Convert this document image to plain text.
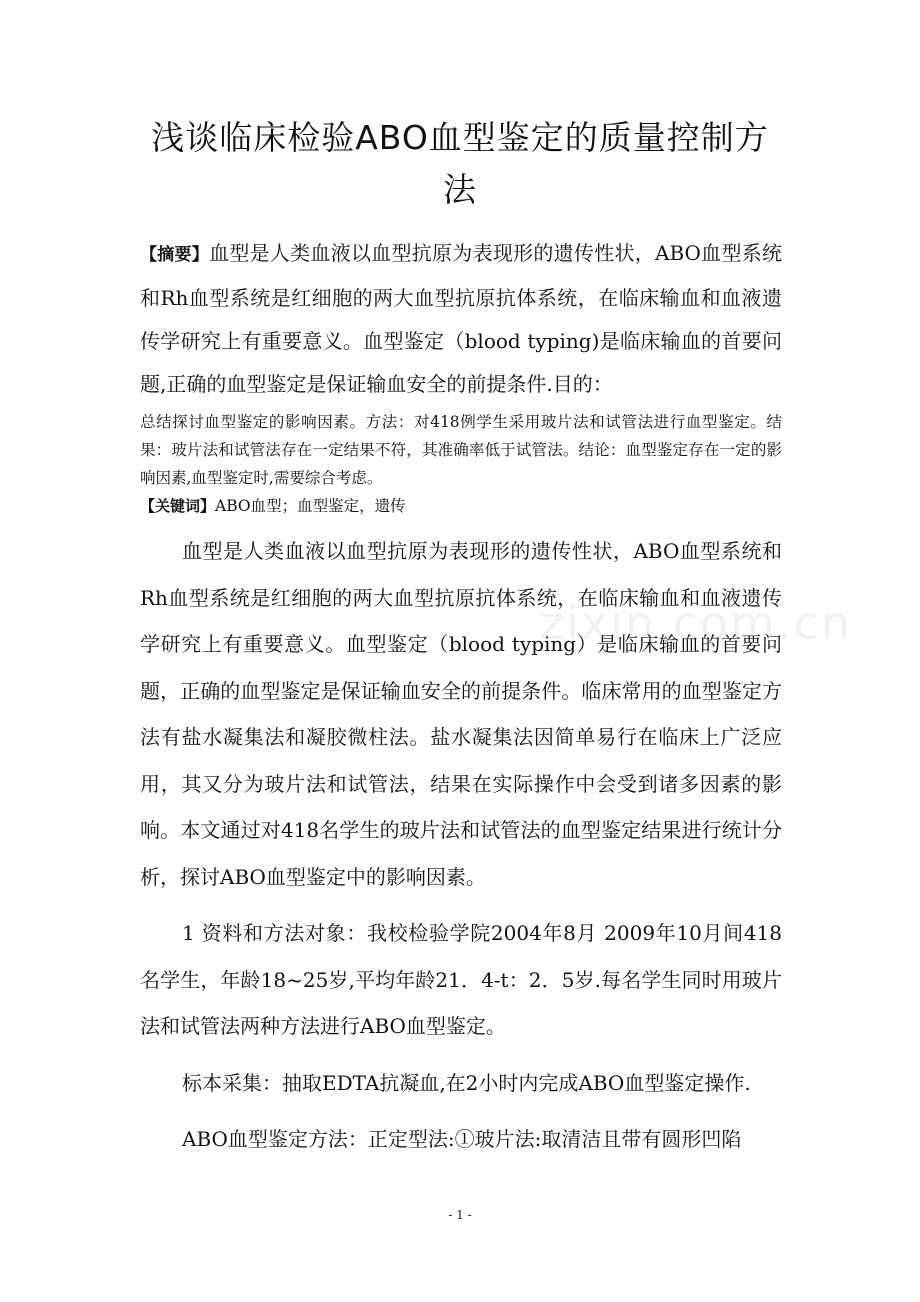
浅谈临床检验ABO血型鉴定的质量控制方法

【摘要】血型是人类血液以血型抗原为表现形的遗传性状，ABO血型系统和Rh血型系统是红细胞的两大血型抗原抗体系统，在临床输血和血液遗传学研究上有重要意义。血型鉴定（blood typing)是临床输血的首要问题,正确的血型鉴定是保证输血安全的前提条件.目的：

总结探讨血型鉴定的影响因素。方法：对418例学生采用玻片法和试管法进行血型鉴定。结果：玻片法和试管法存在一定结果不符，其准确率低于试管法。结论：血型鉴定存在一定的影响因素,血型鉴定时,需要综合考虑。

【关键词】ABO血型；血型鉴定，遗传

血型是人类血液以血型抗原为表现形的遗传性状，ABO血型系统和Rh血型系统是红细胞的两大血型抗原抗体系统，在临床输血和血液遗传学研究上有重要意义。血型鉴定（blood typing）是临床输血的首要问题，正确的血型鉴定是保证输血安全的前提条件。临床常用的血型鉴定方法有盐水凝集法和凝胶微柱法。盐水凝集法因简单易行在临床上广泛应用，其又分为玻片法和试管法，结果在实际操作中会受到诸多因素的影响。本文通过对418名学生的玻片法和试管法的血型鉴定结果进行统计分析，探讨ABO血型鉴定中的影响因素。

1 资料和方法对象：我校检验学院2004年8月 2009年10月间418名学生，年龄18~25岁,平均年龄21．4-t：2．5岁.每名学生同时用玻片法和试管法两种方法进行ABO血型鉴定。

标本采集：抽取EDTA抗凝血,在2小时内完成ABO血型鉴定操作.

ABO血型鉴定方法：正定型法:①玻片法:取清洁且带有圆形凹陷

zixin.com.cn
- 1 -
